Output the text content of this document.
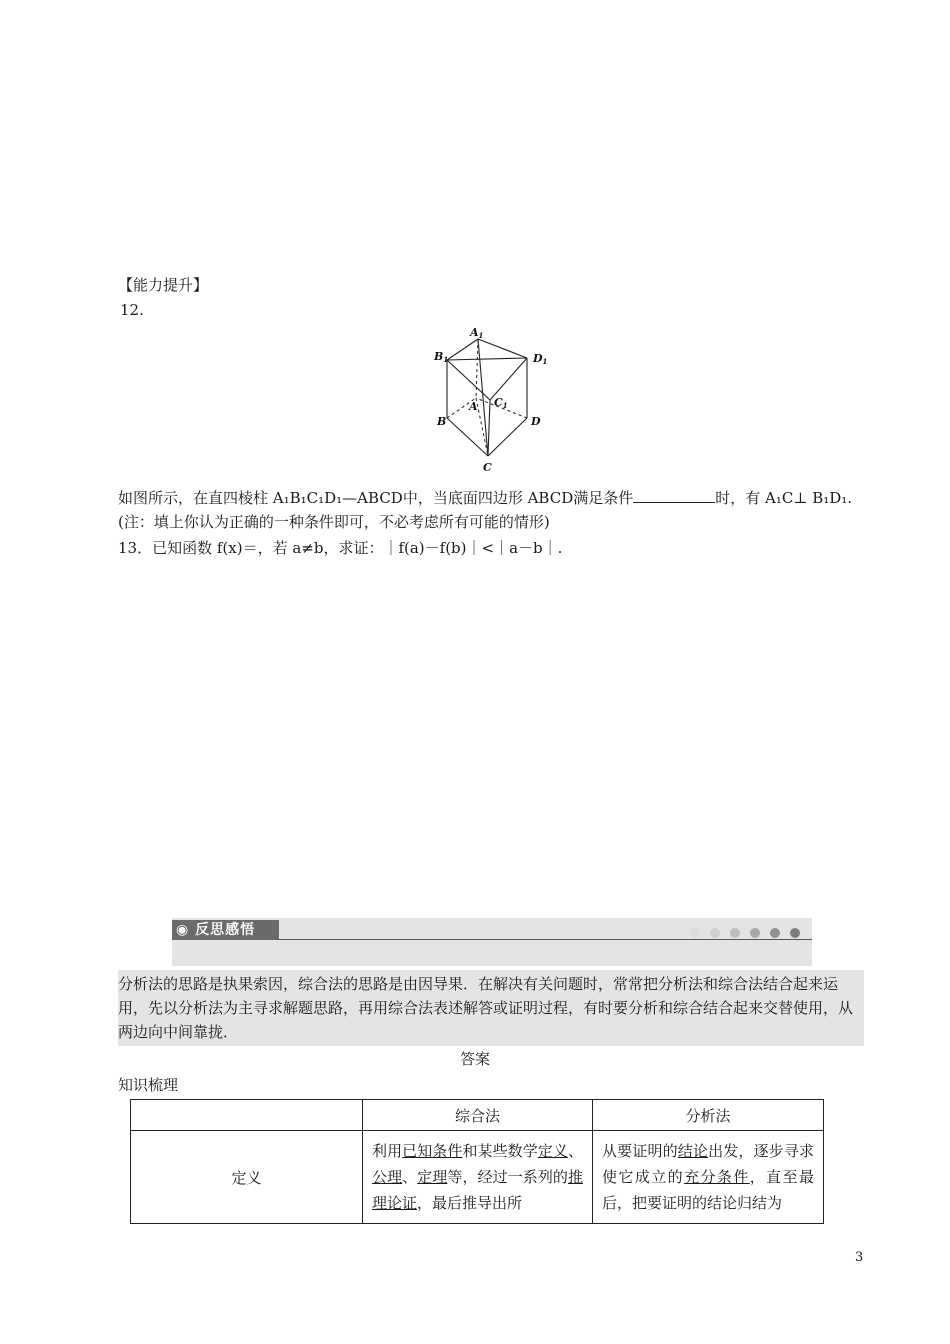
【能力提升】
12.
A1
B1	D1
C1
A
B	D
C
如图所示，在直四棱柱 A₁B₁C₁D₁—ABCD中，当底面四边形 ABCD满足条件	时，有 A₁C⊥ B₁D₁.(注：填上你认为正确的一种条件即可，不必考虑所有可能的情形)
13．已知函数 f(x)＝，若 a≠b，求证：｜f(a)－f(b)｜<｜a－b｜.
◉ 反思感悟
分析法的思路是执果索因，综合法的思路是由因导果．在解决有关问题时，常常把分析法和综合法结合起来运用，先以分析法为主寻求解题思路，再用综合法表述解答或证明过程，有时要分析和综合结合起来交替使用，从两边向中间靠拢．
答案
知识梳理
	综合法	分析法
定义	利用已知条件和某些数学定义、公理、定理等，经过一系列的推理论证，最后推导出所	从要证明的结论出发，逐步寻求使它成立的充分条件，直至最后，把要证明的结论归结为
3
